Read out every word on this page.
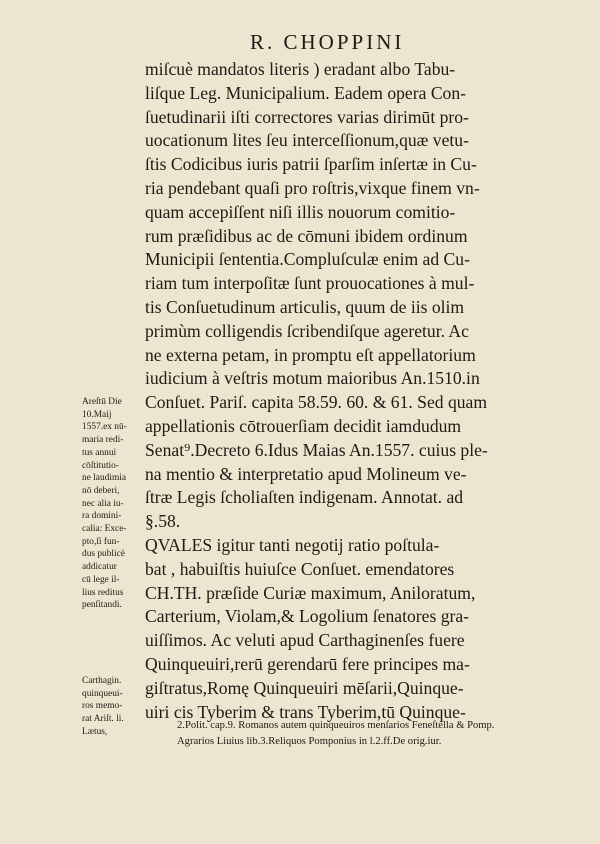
R. CHOPPINI
miſcuè mandatos literis ) eradant albo Tabu-
liſque Leg. Municipalium. Eadem opera Con-
ſuetudinarii iſti correctores varias dirimūt pro-
uocationum lites ſeu interceſſionum,quæ vetu-
ſtis Codicibus iuris patrii ſparſim inſertæ in Cu-
ria pendebant quaſi pro roſtris,vixque finem vn-
quam accepiſſent niſi illis nouorum comitio-
rum præſidibus ac de cōmuni ibidem ordinum
Municipii ſententia.Compluſculæ enim ad Cu-
riam tum interpoſitæ ſunt prouocationes à mul-
tis Conſuetudinum articulis, quum de iis olim
primùm colligendis ſcribendiſque ageretur. Ac
ne externa petam, in promptu eſt appellatorium
iudicium à veſtris motum maioribus An.1510.in
Conſuet. Pariſ. capita 58.59. 60. & 61. Sed quam
appellationis cōtrouerſiam decidit iamdudum
Senat⁹.Decreto 6.Idus Maias An.1557. cuius ple-
na mentio & interpretatio apud Molineum ve-
ſtræ Legis ſcholiaſten indigenam. Annotat. ad
§.58.
QVALES igitur tanti negotij ratio poſtula-
bat , habuiſtis huiuſce Conſuet. emendatores
CH.TH. præſide Curiæ maximum, Aniloratum,
Carterium, Violam,& Logolium ſenatores gra-
uiſſimos. Ac veluti apud Carthaginenſes fuere
Quinqueuiri,rerū gerendarū fere principes ma-
giſtratus,Romę Quinqueuiri mēſarii,Quinque-
uiri cis Tyberim & trans Tyberim,tū Quinque-
Areſtū Die
10.Maij
1557.ex nū-
maria redi-
tus annui
cōſtitutio-
ne laudimia
nō deberi,
nec alia iu-
ra domini-
calia: Exce-
pto,ſi fun-
dus publicè
addicatur
cū lege il-
lius reditus
penſitandi.
Carthagin.
quinqueui-
ros memo-
rat Ariſt. li.
Lætus,
2.Polit. cap.9. Romanos autem quinqueuiros menſarios Feneſtella & Pomp.
Agrarios Liuius lib.3.Reliquos Pomponius in l.2.ff.De orig.iur.
